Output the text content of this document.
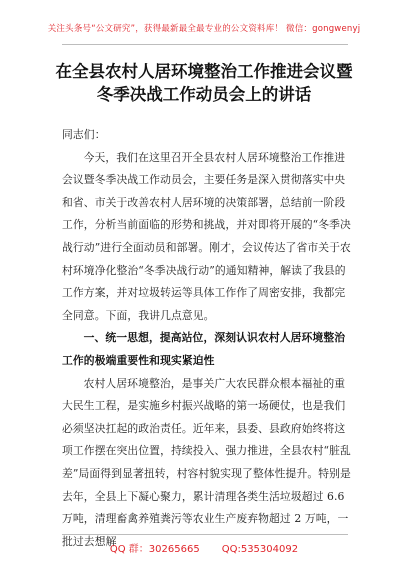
关注头条号“公文研究”，获得最新最全最专业的公文资料库！ 微信：gongwenyj
在全县农村人居环境整治工作推进会议暨
冬季决战工作动员会上的讲话

同志们：

今天，我们在这里召开全县农村人居环境整治工作推进会议暨冬季决战工作动员会，主要任务是深入贯彻落实中央和省、市关于改善农村人居环境的决策部署，总结前一阶段工作，分析当前面临的形势和挑战，并对即将开展的“冬季决战行动”进行全面动员和部署。刚才，会议传达了省市关于农村环境净化整治“冬季决战行动”的通知精神，解读了我县的工作方案，并对垃圾转运等具体工作作了周密安排，我都完全同意。下面，我讲几点意见。

一、统一思想，提高站位，深刻认识农村人居环境整治工作的极端重要性和现实紧迫性

农村人居环境整治，是事关广大农民群众根本福祉的重大民生工程，是实施乡村振兴战略的第一场硬仗，也是我们必须坚决扛起的政治责任。近年来，县委、县政府始终将这项工作摆在突出位置，持续投入、强力推进，全县农村“脏乱差”局面得到显著扭转，村容村貌实现了整体性提升。特别是去年，全县上下凝心聚力，累计清理各类生活垃圾超过 6.6 万吨，清理畜禽养殖粪污等农业生产废弃物超过 2 万吨，一批过去想解

QQ 群：30265665 QQ:535304092
